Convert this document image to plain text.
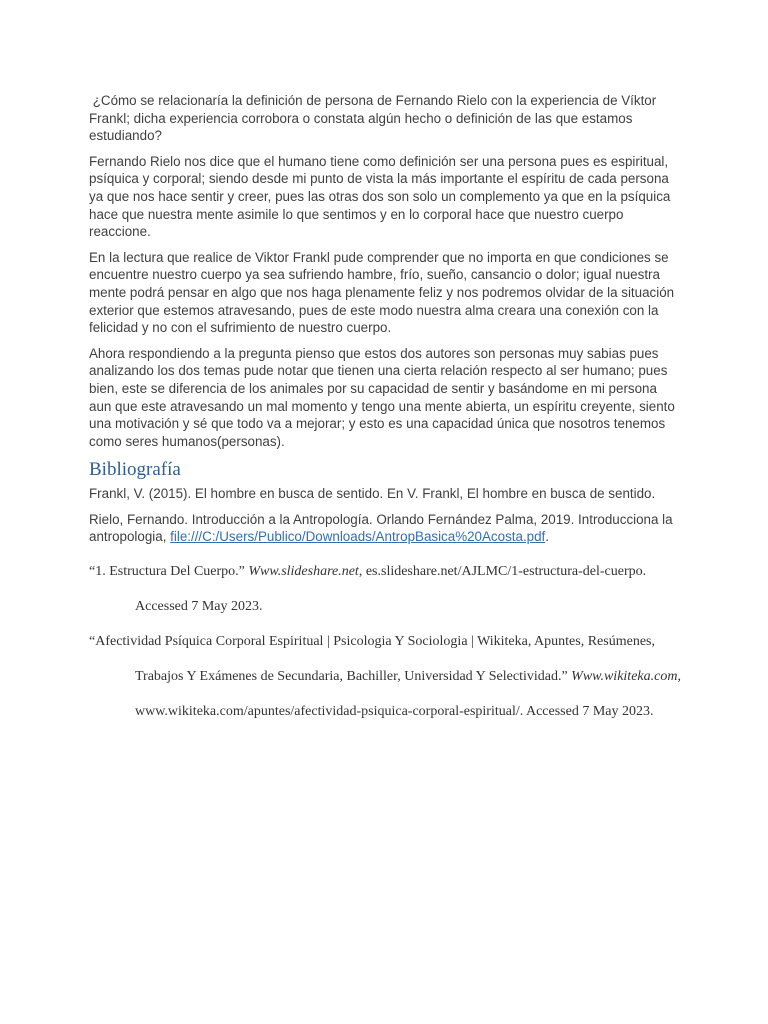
¿Cómo se relacionaría la definición de persona de Fernando Rielo con la experiencia de Víktor Frankl; dicha experiencia corrobora o constata algún hecho o definición de las que estamos estudiando?

Fernando Rielo nos dice que el humano tiene como definición ser una persona pues es espiritual, psíquica y corporal; siendo desde mi punto de vista la más importante el espíritu de cada persona ya que nos hace sentir y creer, pues las otras dos son solo un complemento ya que en la psíquica hace que nuestra mente asimile lo que sentimos y en lo corporal hace que nuestro cuerpo reaccione.

En la lectura que realice de Viktor Frankl pude comprender que no importa en que condiciones se encuentre nuestro cuerpo ya sea sufriendo hambre, frío, sueño, cansancio o dolor; igual nuestra mente podrá pensar en algo que nos haga plenamente feliz y nos podremos olvidar de la situación exterior que estemos atravesando, pues de este modo nuestra alma creara una conexión con la felicidad y no con el sufrimiento de nuestro cuerpo.

Ahora respondiendo a la pregunta pienso que estos dos autores son personas muy sabias pues analizando los dos temas pude notar que tienen una cierta relación respecto al ser humano; pues bien, este se diferencia de los animales por su capacidad de sentir y basándome en mi persona aun que este atravesando un mal momento y tengo una mente abierta, un espíritu creyente, siento una motivación y sé que todo va a mejorar; y esto es una capacidad única que nosotros tenemos como seres humanos(personas).

Bibliografía

Frankl, V. (2015). El hombre en busca de sentido. En V. Frankl, El hombre en busca de sentido.

Rielo, Fernando. Introducción a la Antropología. Orlando Fernández Palma, 2019. Introducciona la antropologia, file:///C:/Users/Publico/Downloads/AntropBasica%20Acosta.pdf.

“1. Estructura Del Cuerpo.” Www.slideshare.net, es.slideshare.net/AJLMC/1-estructura-del-cuerpo. Accessed 7 May 2023.

“Afectividad Psíquica Corporal Espiritual | Psicologia Y Sociologia | Wikiteka, Apuntes, Resúmenes, Trabajos Y Exámenes de Secundaria, Bachiller, Universidad Y Selectividad.” Www.wikiteka.com, www.wikiteka.com/apuntes/afectividad-psiquica-corporal-espiritual/. Accessed 7 May 2023.
